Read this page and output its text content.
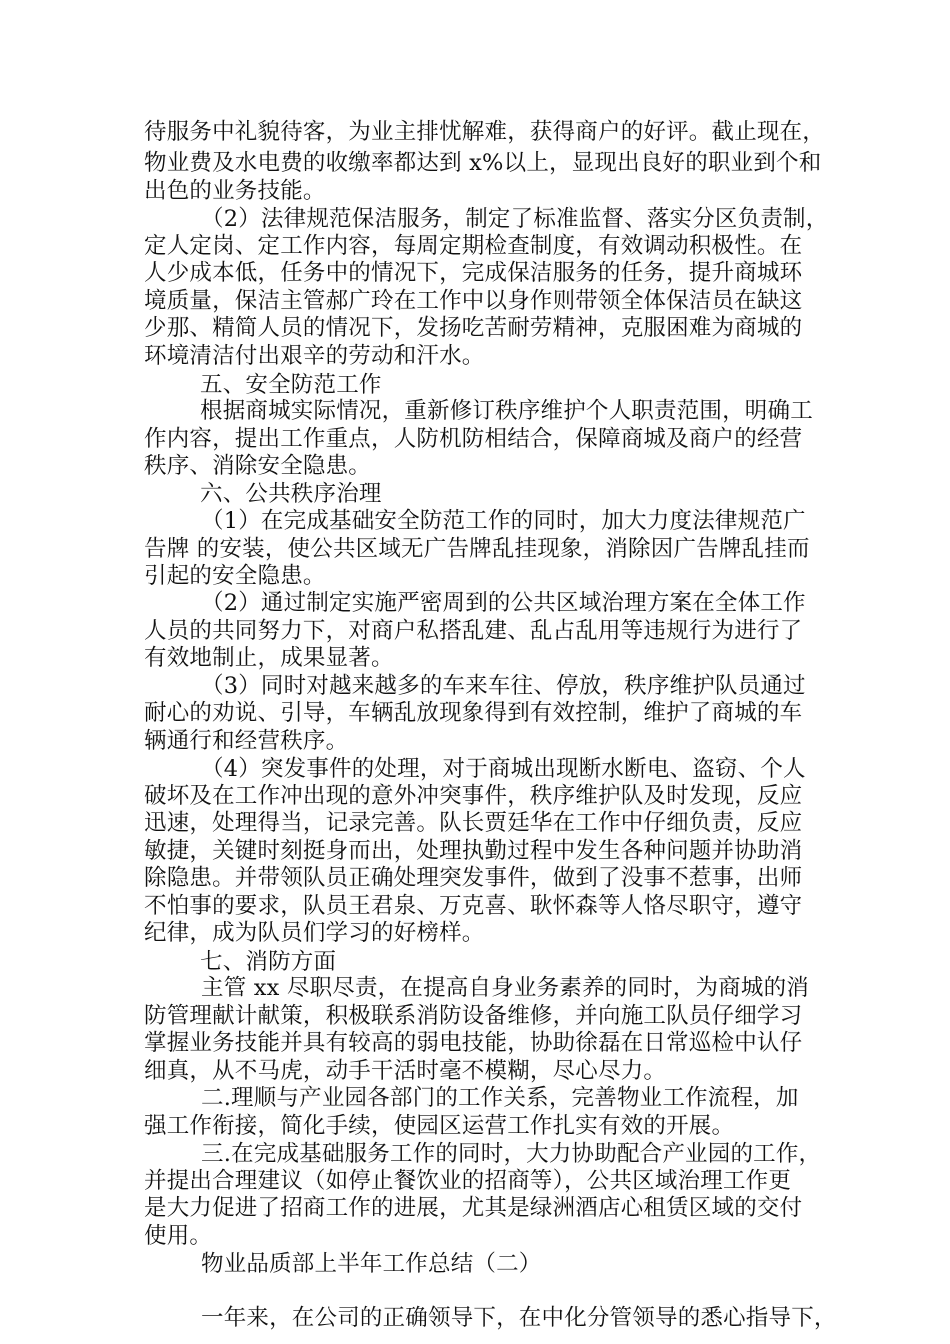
待服务中礼貌待客，为业主排忧解难，获得商户的好评。截止现在，
物业费及水电费的收缴率都达到 x%以上，显现出良好的职业到个和
出色的业务技能。
（2）法律规范保洁服务，制定了标准监督、落实分区负责制，
定人定岗、定工作内容，每周定期检查制度，有效调动积极性。在
人少成本低，任务中的情况下，完成保洁服务的任务，提升商城环
境质量，保洁主管郝广玲在工作中以身作则带领全体保洁员在缺这
少那、精简人员的情况下，发扬吃苦耐劳精神，克服困难为商城的
环境清洁付出艰辛的劳动和汗水。
五、安全防范工作
根据商城实际情况，重新修订秩序维护个人职责范围，明确工
作内容，提出工作重点，人防机防相结合，保障商城及商户的经营
秩序、消除安全隐患。
六、公共秩序治理
（1）在完成基础安全防范工作的同时，加大力度法律规范广
告牌 的安装，使公共区域无广告牌乱挂现象，消除因广告牌乱挂而
引起的安全隐患。
（2）通过制定实施严密周到的公共区域治理方案在全体工作
人员的共同努力下，对商户私搭乱建、乱占乱用等违规行为进行了
有效地制止，成果显著。
（3）同时对越来越多的车来车往、停放，秩序维护队员通过
耐心的劝说、引导，车辆乱放现象得到有效控制，维护了商城的车
辆通行和经营秩序。
（4）突发事件的处理，对于商城出现断水断电、盗窃、个人
破坏及在工作冲出现的意外冲突事件，秩序维护队及时发现，反应
迅速，处理得当，记录完善。队长贾廷华在工作中仔细负责，反应
敏捷，关键时刻挺身而出，处理执勤过程中发生各种问题并协助消
除隐患。并带领队员正确处理突发事件，做到了没事不惹事，出师
不怕事的要求，队员王君泉、万克喜、耿怀森等人恪尽职守，遵守
纪律，成为队员们学习的好榜样。
七、消防方面
主管 xx 尽职尽责，在提高自身业务素养的同时，为商城的消
防管理献计献策，积极联系消防设备维修，并向施工队员仔细学习
掌握业务技能并具有较高的弱电技能，协助徐磊在日常巡检中认仔
细真，从不马虎，动手干活时毫不模糊，尽心尽力。
二.理顺与产业园各部门的工作关系，完善物业工作流程，加
强工作衔接，简化手续，使园区运营工作扎实有效的开展。
三.在完成基础服务工作的同时，大力协助配合产业园的工作，
并提出合理建议（如停止餐饮业的招商等），公共区域治理工作更
是大力促进了招商工作的进展，尤其是绿洲酒店心租赁区域的交付
使用。
物业品质部上半年工作总结（二）
一年来，在公司的正确领导下，在中化分管领导的悉心指导下，
